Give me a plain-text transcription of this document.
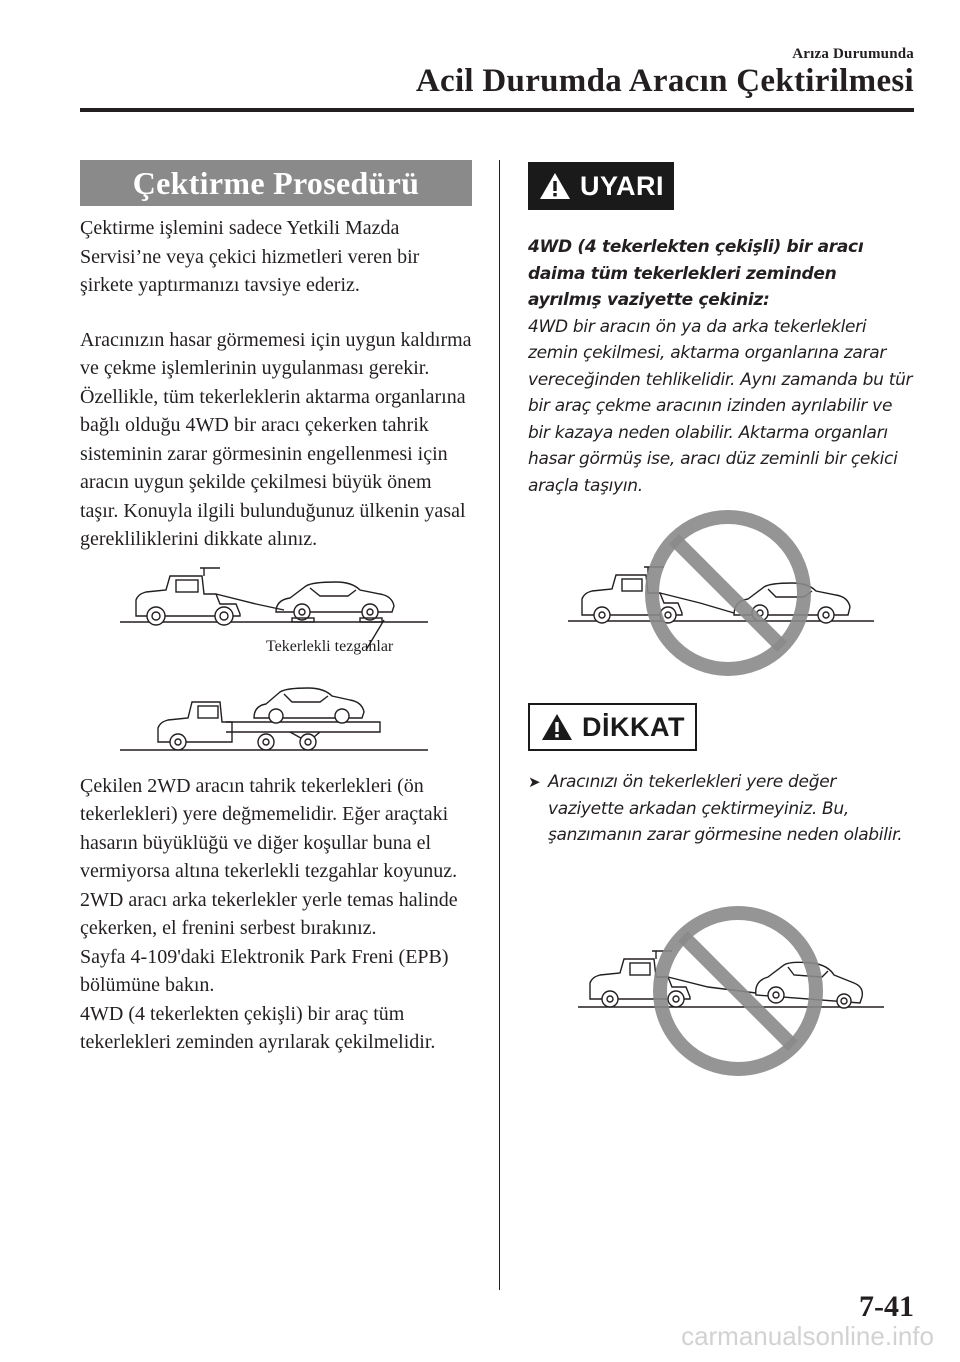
Arıza Durumunda
Acil Durumda Aracın Çektirilmesi
Çektirme Prosedürü

Çektirme işlemini sadece Yetkili Mazda Servisi’ne veya çekici hizmetleri veren bir şirkete yaptırmanızı tavsiye ederiz.

Aracınızın hasar görmemesi için uygun kaldırma ve çekme işlemlerinin uygulanması gerekir. Özellikle, tüm tekerleklerin aktarma organlarına bağlı olduğu 4WD bir aracı çekerken tahrik sisteminin zarar görmesinin engellenmesi için aracın uygun şekilde çekilmesi büyük önem taşır. Konuyla ilgili bulunduğunuz ülkenin yasal gerekliliklerini dikkate alınız.

Tekerlekli tezgahlar

Çekilen 2WD aracın tahrik tekerlekleri (ön tekerlekleri) yere değmemelidir. Eğer araçtaki hasarın büyüklüğü ve diğer koşullar buna el vermiyorsa altına tekerlekli tezgahlar koyunuz.

2WD aracı arka tekerlekler yerle temas halinde çekerken, el frenini serbest bırakınız.

Sayfa 4-109'daki Elektronik Park Freni (EPB) bölümüne bakın.

4WD (4 tekerlekten çekişli) bir araç tüm tekerlekleri zeminden ayrılarak çekilmelidir.

UYARI

4WD (4 tekerlekten çekişli) bir aracı daima tüm tekerlekleri zeminden ayrılmış vaziyette çekiniz:

4WD bir aracın ön ya da arka tekerlekleri zemin çekilmesi, aktarma organlarına zarar vereceğinden tehlikelidir. Aynı zamanda bu tür bir araç çekme aracının izinden ayrılabilir ve bir kazaya neden olabilir. Aktarma organları hasar görmüş ise, aracı düz zeminli bir çekici araçla taşıyın.

DİKKAT
➤ Aracınızı ön tekerlekleri yere değer vaziyette arkadan çektirmeyiniz. Bu, şanzımanın zarar görmesine neden olabilir.
7-41
carmanualsonline.info
